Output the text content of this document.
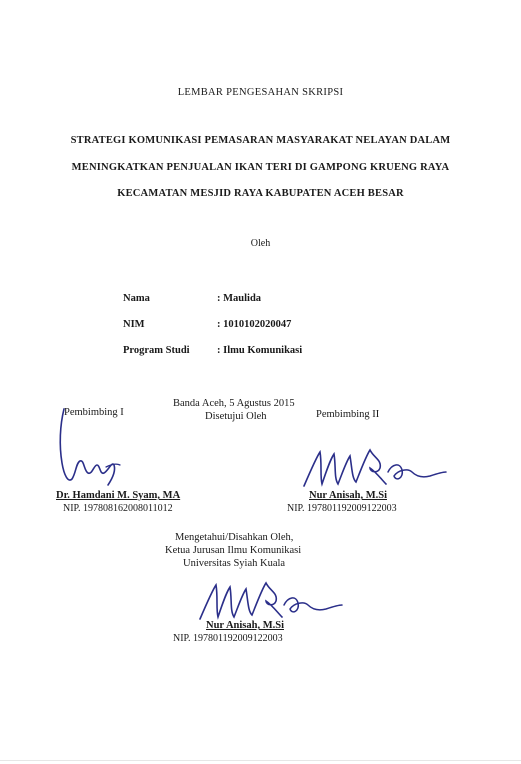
LEMBAR PENGESAHAN SKRIPSI
STRATEGI KOMUNIKASI PEMASARAN MASYARAKAT NELAYAN DALAM
MENINGKATKAN PENJUALAN IKAN TERI DI GAMPONG KRUENG RAYA
KECAMATAN MESJID RAYA KABUPATEN ACEH BESAR
Oleh
Nama	: Maulida
NIM	: 1010102020047
Program Studi	: Ilmu Komunikasi
Banda Aceh, 5 Agustus 2015
Disetujui Oleh
Pembimbing I
Dr. Hamdani M. Syam, MA
NIP. 197808162008011012
Pembimbing II
Nur Anisah, M.Si
NIP. 197801192009122003
Mengetahui/Disahkan Oleh,
Ketua Jurusan Ilmu Komunikasi
Universitas Syiah Kuala
Nur Anisah, M.Si
NIP. 197801192009122003
